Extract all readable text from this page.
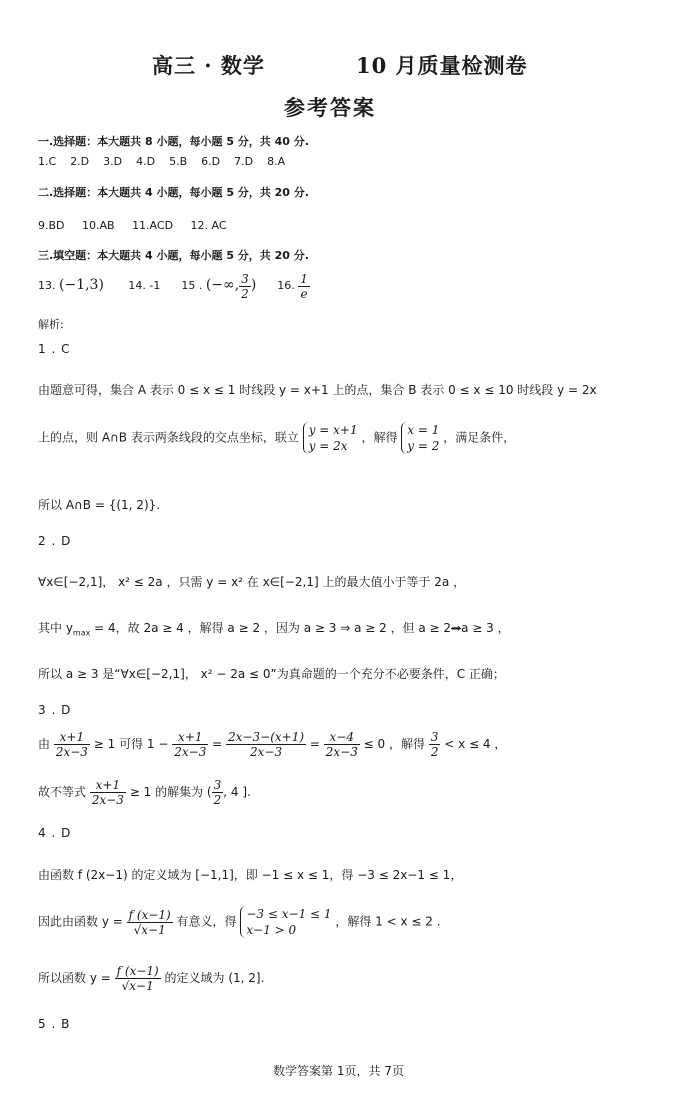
高三 · 数学	10 月质量检测卷
参考答案
一.选择题：本大题共 8 小题，每小题 5 分，共 40 分.
1.C 2.D 3.D 4.D 5.B 6.D 7.D 8.A
二.选择题：本大题共 4 小题，每小题 5 分，共 20 分.
9.BD 10.AB 11.ACD 12. AC
三.填空题：本大题共 4 小题，每小题 5 分，共 20 分.
13. (−1,3) 14. -1 15 . (−∞, $\frac{3}{2}$ ) 16. $\frac{1}{e}$
解析:
1 . C
由题意可得，集合 A 表示 0 ≤ x ≤ 1 时线段 y = x+1 上的点，集合 B 表示 0 ≤ x ≤ 10 时线段 y = 2x
上的点，则 A∩B 表示两条线段的交点坐标，联立
y = x+1
y = 2x
，解得
x = 1
y = 2
，满足条件，
所以 A∩B = {(1, 2)}.
2 . D
∀x∈[−2,1]， x² ≤ 2a ，只需 y = x² 在 x∈[−2,1] 上的最大值小于等于 2a ，
其中 $y_{max} = 4$，故 2a ≥ 4 ，解得 a ≥ 2 ，因为 a ≥ 3 ⇒ a ≥ 2 ，但 a ≥ 2⇒a ≥ 3 ，
所以 a ≥ 3 是“∀x∈[−2,1]， x² − 2a ≤ 0”为真命题的一个充分不必要条件，C 正确；
3 . D
由 $\frac{x+1}{2x-3} \ge 1$ 可得 $1 - \frac{x+1}{2x-3} = \frac{2x-3-(x+1)}{2x-3} = \frac{x-4}{2x-3} \le 0$ ，解得 $\frac{3}{2} < x \le 4$ ，
故不等式 $\frac{x+1}{2x-3} \ge 1$ 的解集为 ( $\frac{3}{2}$ , 4 ].
4 . D
由函数 f (2x−1) 的定义域为 [−1,1]，即 −1 ≤ x ≤ 1，得 −3 ≤ 2x−1 ≤ 1，
因此由函数 $y = \frac{f (x-1)}{√x-1}$ 有意义，得
−3 ≤ x−1 ≤ 1
x−1 > 0
，解得 1 < x ≤ 2 .
所以函数 $y = \frac{f (x-1)}{√x-1}$ 的定义域为 (1, 2].
5 . B
数学答案第 1页，共 7页
